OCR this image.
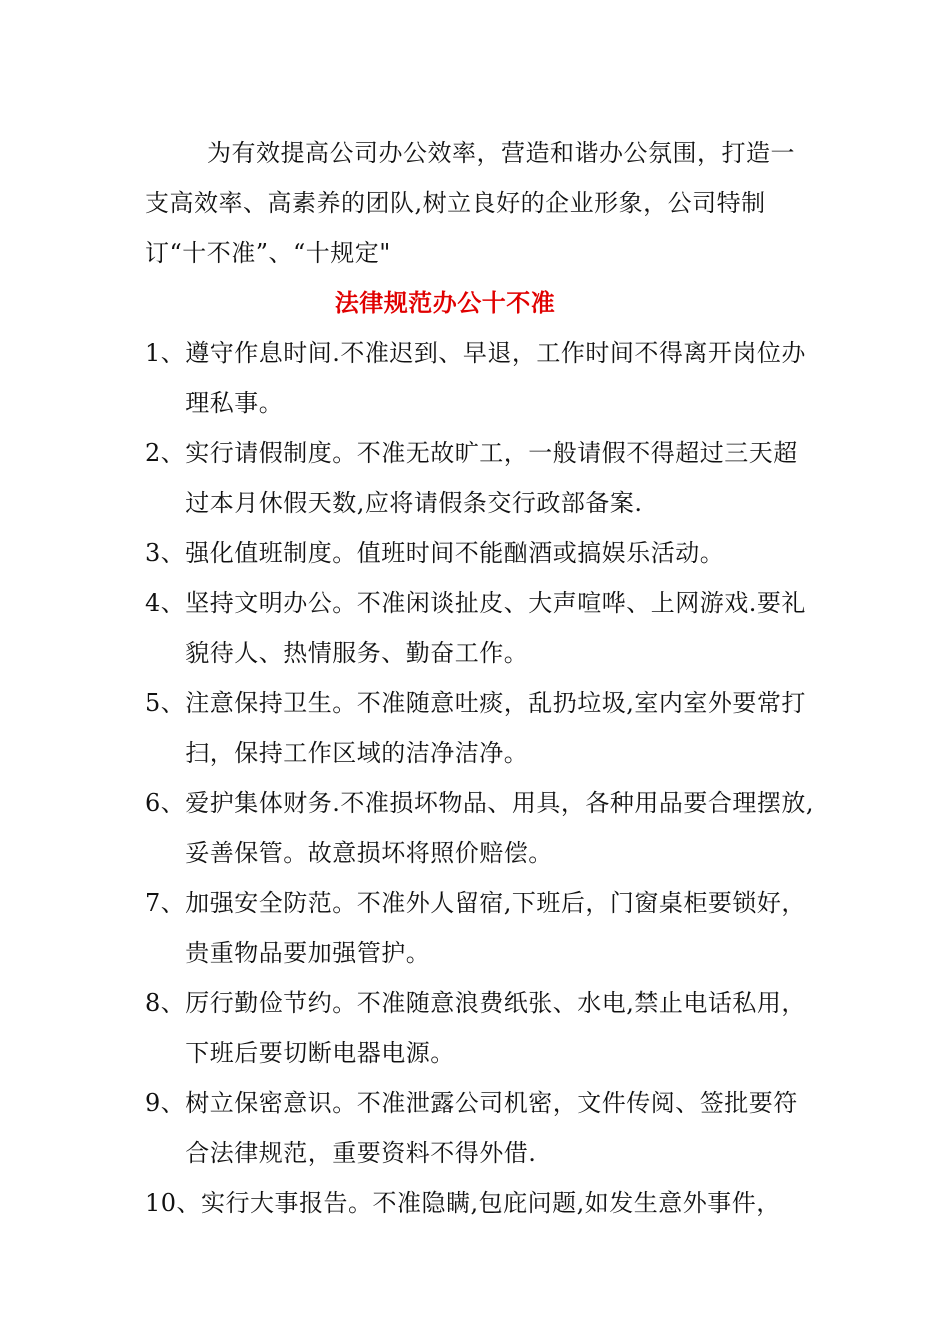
为有效提高公司办公效率，营造和谐办公氛围，打造一支高效率、高素养的团队,树立良好的企业形象，公司特制订“十不准”、“十规定"

法律规范办公十不准
1、 遵守作息时间.不准迟到、早退，工作时间不得离开岗位办理私事。
2、 实行请假制度。不准无故旷工，一般请假不得超过三天超过本月休假天数,应将请假条交行政部备案.
3、 强化值班制度。值班时间不能酗酒或搞娱乐活动。
4、 坚持文明办公。不准闲谈扯皮、大声喧哗、上网游戏.要礼貌待人、热情服务、勤奋工作。
5、 注意保持卫生。不准随意吐痰，乱扔垃圾,室内室外要常打扫，保持工作区域的洁净洁净。
6、 爱护集体财务.不准损坏物品、用具，各种用品要合理摆放,妥善保管。故意损坏将照价赔偿。
7、 加强安全防范。不准外人留宿,下班后，门窗桌柜要锁好，贵重物品要加强管护。
8、 厉行勤俭节约。不准随意浪费纸张、水电,禁止电话私用，下班后要切断电器电源。
9、 树立保密意识。不准泄露公司机密，文件传阅、签批要符合法律规范，重要资料不得外借.
10、 实行大事报告。不准隐瞒,包庇问题,如发生意外事件，
